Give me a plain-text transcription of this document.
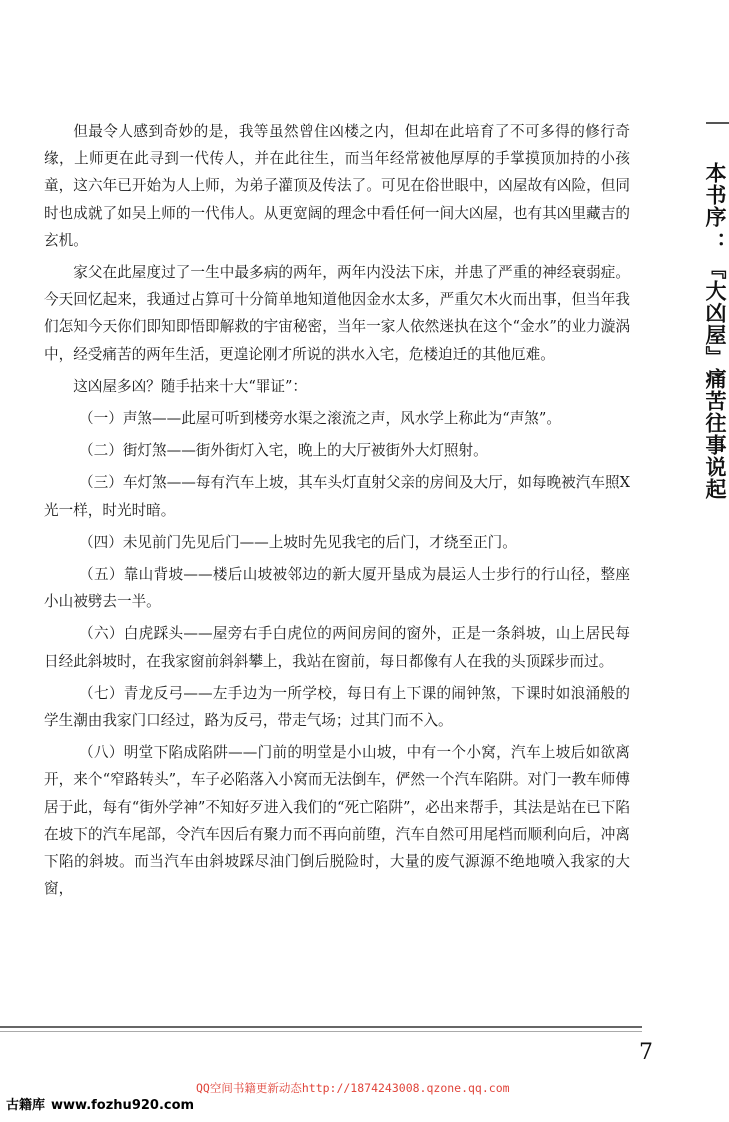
但最令人感到奇妙的是，我等虽然曾住凶楼之内，但却在此培育了不可多得的修行奇缘，上师更在此寻到一代传人，并在此往生，而当年经常被他厚厚的手掌摸顶加持的小孩童，这六年已开始为人上师，为弟子灌顶及传法了。可见在俗世眼中，凶屋故有凶险，但同时也成就了如吴上师的一代伟人。从更宽阔的理念中看任何一间大凶屋，也有其凶里藏吉的玄机。

家父在此屋度过了一生中最多病的两年，两年内没法下床，并患了严重的神经衰弱症。今天回忆起来，我通过占算可十分简单地知道他因金水太多，严重欠木火而出事，但当年我们怎知今天你们即知即悟即解救的宇宙秘密，当年一家人依然迷执在这个“金水”的业力漩涡中，经受痛苦的两年生活，更遑论刚才所说的洪水入宅，危楼迫迁的其他厄难。

这凶屋多凶？随手拈来十大“罪证”：

（一）声煞——此屋可听到楼旁水渠之滚流之声，风水学上称此为“声煞”。

（二）街灯煞——街外街灯入宅，晚上的大厅被街外大灯照射。

（三）车灯煞——每有汽车上坡，其车头灯直射父亲的房间及大厅，如每晚被汽车照X光一样，时光时暗。

（四）未见前门先见后门——上坡时先见我宅的后门，才绕至正门。

（五）靠山背坡——楼后山坡被邻边的新大厦开垦成为晨运人士步行的行山径，整座小山被劈去一半。

（六）白虎踩头——屋旁右手白虎位的两间房间的窗外，正是一条斜坡，山上居民每日经此斜坡时，在我家窗前斜斜攀上，我站在窗前，每日都像有人在我的头顶踩步而过。

（七）青龙反弓——左手边为一所学校，每日有上下课的闹钟煞，下课时如浪涌般的学生潮由我家门口经过，路为反弓，带走气场；过其门而不入。

（八）明堂下陷成陷阱——门前的明堂是小山坡，中有一个小窝，汽车上坡后如欲离开，来个“窄路转头”，车子必陷落入小窝而无法倒车，俨然一个汽车陷阱。对门一教车师傅居于此，每有“街外学神”不知好歹进入我们的“死亡陷阱”，必出来帮手，其法是站在已下陷在坡下的汽车尾部，令汽车因后有聚力而不再向前堕，汽车自然可用尾档而顺利向后，冲离下陷的斜坡。而当汽车由斜坡踩尽油门倒后脱险时，大量的废气源源不绝地喷入我家的大窗，

本书序：『大凶屋』痛苦往事说起
7
QQ空间书籍更新动态http://1874243008.qzone.qq.com
古籍库 www.fozhu920.com
